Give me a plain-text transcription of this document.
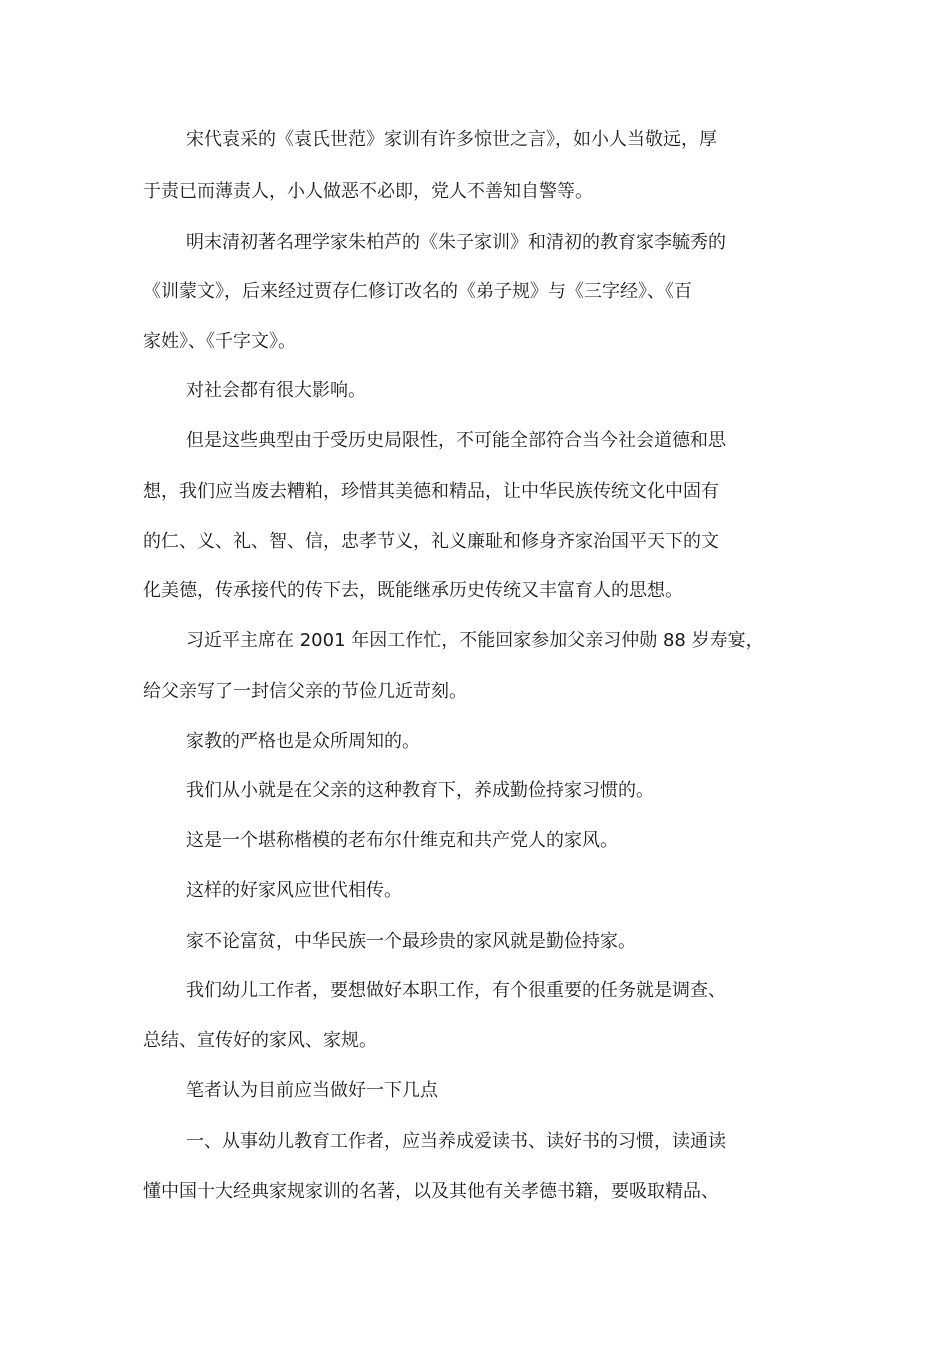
宋代袁采的《袁氏世范》家训有许多惊世之言》，如小人当敬远，厚
于责已而薄责人，小人做恶不必即，党人不善知自警等。
明末清初著名理学家朱柏芦的《朱子家训》和清初的教育家李毓秀的
《训蒙文》，后来经过贾存仁修订改名的《弟子规》与《三字经》、《百
家姓》、《千字文》。
对社会都有很大影响。
但是这些典型由于受历史局限性，不可能全部符合当今社会道德和思
想，我们应当废去糟粕，珍惜其美德和精品，让中华民族传统文化中固有
的仁、义、礼、智、信，忠孝节义，礼义廉耻和修身齐家治国平天下的文
化美德，传承接代的传下去，既能继承历史传统又丰富育人的思想。
习近平主席在 2001 年因工作忙，不能回家参加父亲习仲勋 88 岁寿宴，
给父亲写了一封信父亲的节俭几近苛刻。
家教的严格也是众所周知的。
我们从小就是在父亲的这种教育下，养成勤俭持家习惯的。
这是一个堪称楷模的老布尔什维克和共产党人的家风。
这样的好家风应世代相传。
家不论富贫，中华民族一个最珍贵的家风就是勤俭持家。
我们幼儿工作者，要想做好本职工作，有个很重要的任务就是调查、
总结、宣传好的家风、家规。
笔者认为目前应当做好一下几点
一、从事幼儿教育工作者，应当养成爱读书、读好书的习惯，读通读
懂中国十大经典家规家训的名著，以及其他有关孝德书籍，要吸取精品、
